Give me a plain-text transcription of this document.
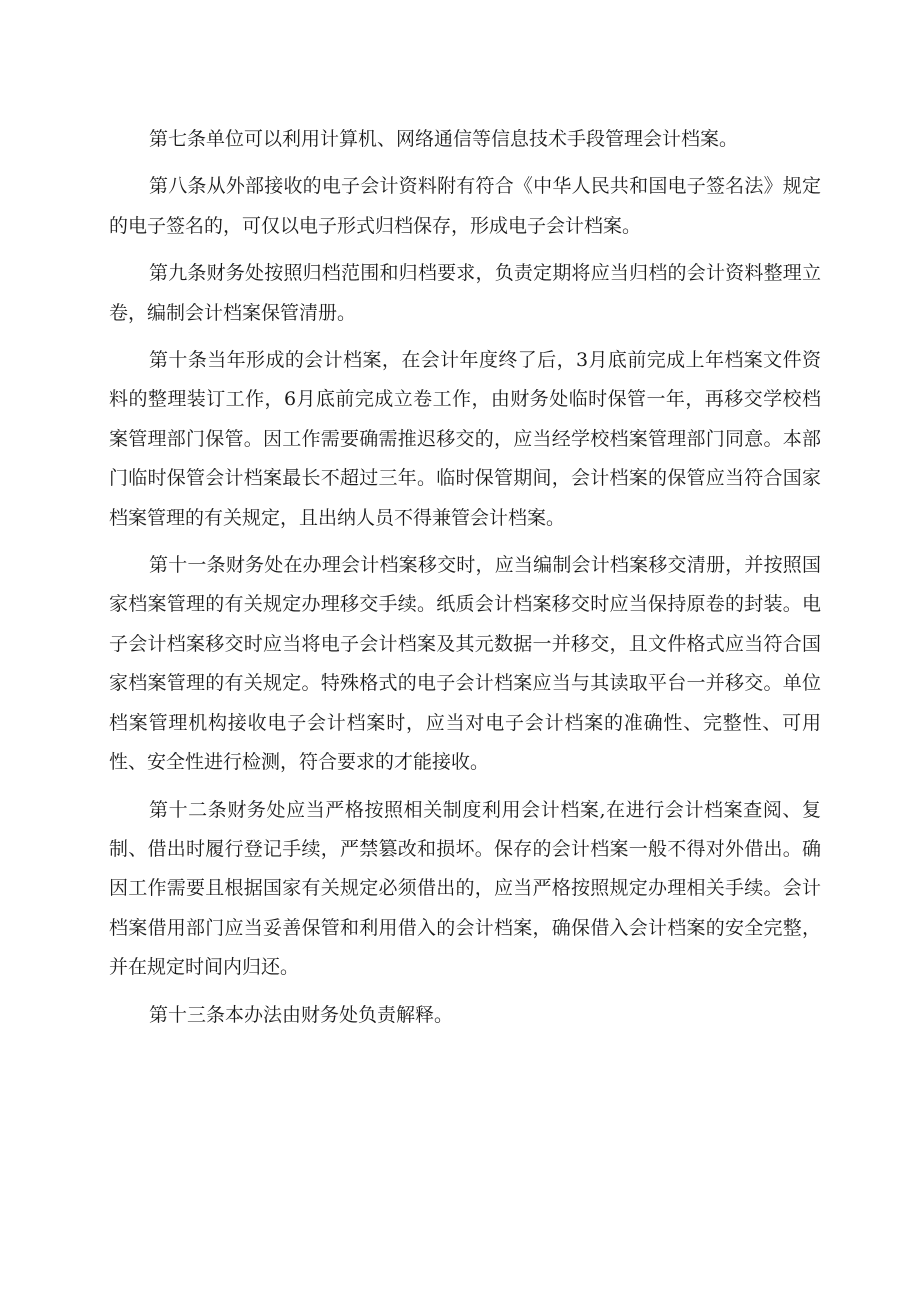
第七条单位可以利用计算机、网络通信等信息技术手段管理会计档案。

第八条从外部接收的电子会计资料附有符合《中华人民共和国电子签名法》规定的电子签名的，可仅以电子形式归档保存，形成电子会计档案。

第九条财务处按照归档范围和归档要求，负责定期将应当归档的会计资料整理立卷，编制会计档案保管清册。

第十条当年形成的会计档案，在会计年度终了后，3月底前完成上年档案文件资料的整理装订工作，6月底前完成立卷工作，由财务处临时保管一年，再移交学校档案管理部门保管。因工作需要确需推迟移交的，应当经学校档案管理部门同意。本部门临时保管会计档案最长不超过三年。临时保管期间，会计档案的保管应当符合国家档案管理的有关规定，且出纳人员不得兼管会计档案。

第十一条财务处在办理会计档案移交时，应当编制会计档案移交清册，并按照国家档案管理的有关规定办理移交手续。纸质会计档案移交时应当保持原卷的封装。电子会计档案移交时应当将电子会计档案及其元数据一并移交，且文件格式应当符合国家档案管理的有关规定。特殊格式的电子会计档案应当与其读取平台一并移交。单位档案管理机构接收电子会计档案时，应当对电子会计档案的准确性、完整性、可用性、安全性进行检测，符合要求的才能接收。

第十二条财务处应当严格按照相关制度利用会计档案,在进行会计档案查阅、复制、借出时履行登记手续，严禁篡改和损坏。保存的会计档案一般不得对外借出。确因工作需要且根据国家有关规定必须借出的，应当严格按照规定办理相关手续。会计档案借用部门应当妥善保管和利用借入的会计档案，确保借入会计档案的安全完整，并在规定时间内归还。

第十三条本办法由财务处负责解释。
